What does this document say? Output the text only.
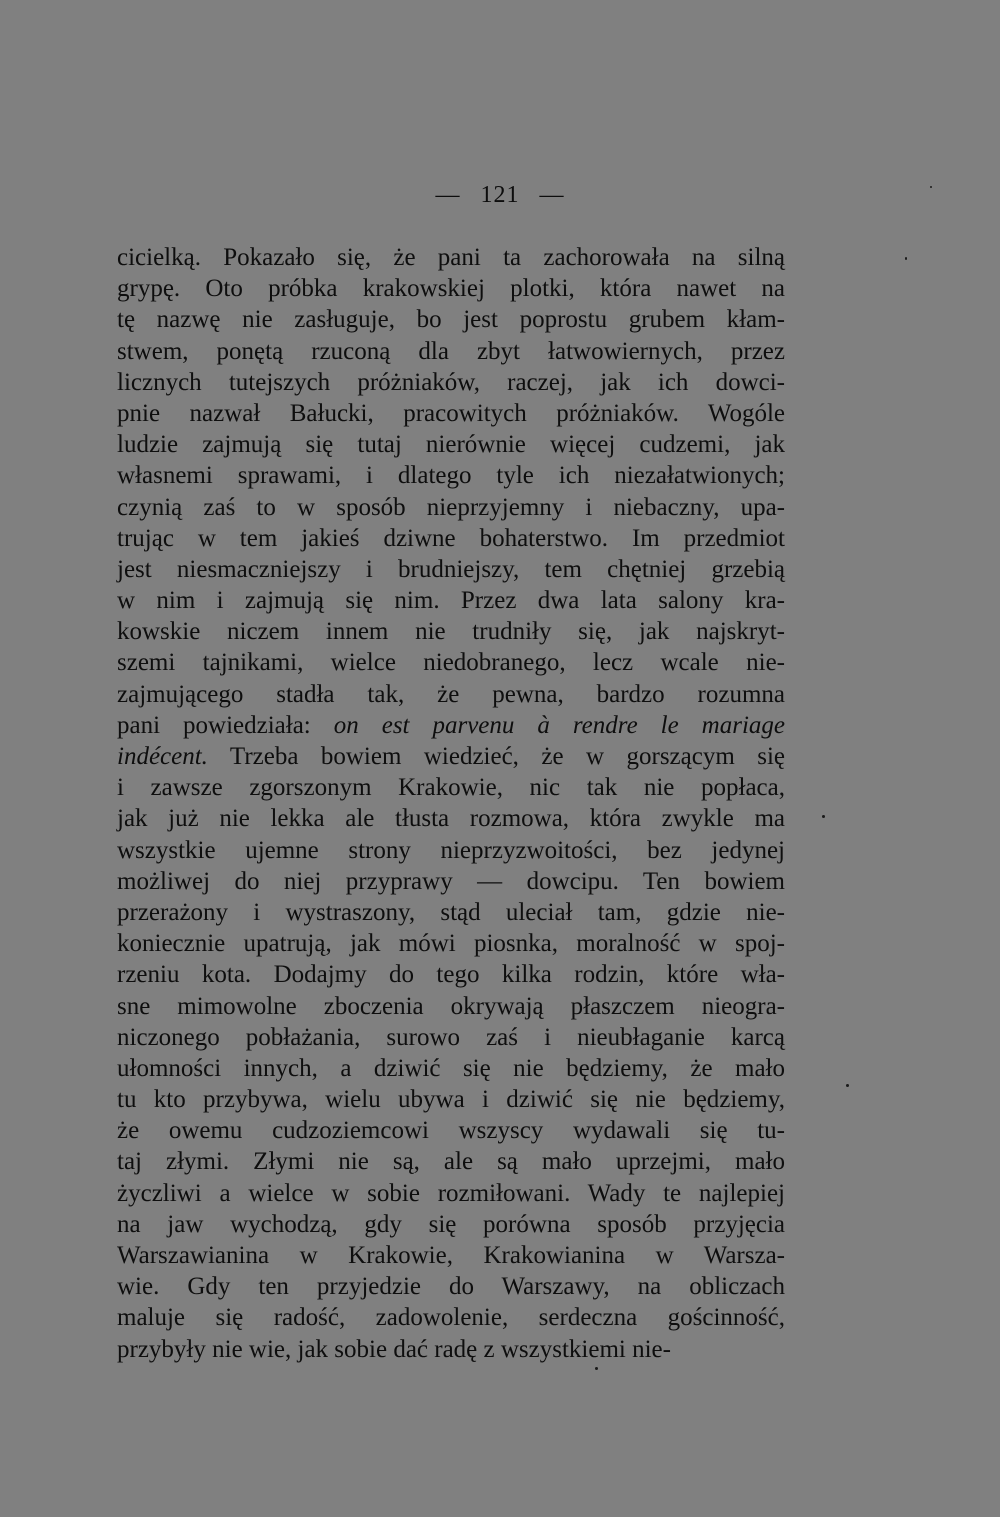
— 121 —
cicielką. Pokazało się, że pani ta zachorowała na silną
grypę. Oto próbka krakowskiej plotki, która nawet na
tę nazwę nie zasługuje, bo jest poprostu grubem kłam-
stwem, ponętą rzuconą dla zbyt łatwowiernych, przez
licznych tutejszych próżniaków, raczej, jak ich dowci-
pnie nazwał Bałucki, pracowitych próżniaków. Wogóle
ludzie zajmują się tutaj nierównie więcej cudzemi, jak
własnemi sprawami, i dlatego tyle ich niezałatwionych;
czynią zaś to w sposób nieprzyjemny i niebaczny, upa-
trując w tem jakieś dziwne bohaterstwo. Im przedmiot
jest niesmaczniejszy i brudniejszy, tem chętniej grzebią
w nim i zajmują się nim. Przez dwa lata salony kra-
kowskie niczem innem nie trudniły się, jak najskryt-
szemi tajnikami, wielce niedobranego, lecz wcale nie-
zajmującego stadła tak, że pewna, bardzo rozumna
pani powiedziała: on est parvenu à rendre le mariage
indécent. Trzeba bowiem wiedzieć, że w gorszącym się
i zawsze zgorszonym Krakowie, nic tak nie popłaca,
jak już nie lekka ale tłusta rozmowa, która zwykle ma
wszystkie ujemne strony nieprzyzwoitości, bez jedynej
możliwej do niej przyprawy — dowcipu. Ten bowiem
przerażony i wystraszony, stąd uleciał tam, gdzie nie-
koniecznie upatrują, jak mówi piosnka, moralność w spoj-
rzeniu kota. Dodajmy do tego kilka rodzin, które wła-
sne mimowolne zboczenia okrywają płaszczem nieogra-
niczonego pobłażania, surowo zaś i nieubłaganie karcą
ułomności innych, a dziwić się nie będziemy, że mało
tu kto przybywa, wielu ubywa i dziwić się nie będziemy,
że owemu cudzoziemcowi wszyscy wydawali się tu-
taj złymi. Złymi nie są, ale są mało uprzejmi, mało
życzliwi a wielce w sobie rozmiłowani. Wady te najlepiej
na jaw wychodzą, gdy się porówna sposób przyjęcia
Warszawianina w Krakowie, Krakowianina w Warsza-
wie. Gdy ten przyjedzie do Warszawy, na obliczach
maluje się radość, zadowolenie, serdeczna gościnność,
przybyły nie wie, jak sobie dać radę z wszystkiemi nie-
